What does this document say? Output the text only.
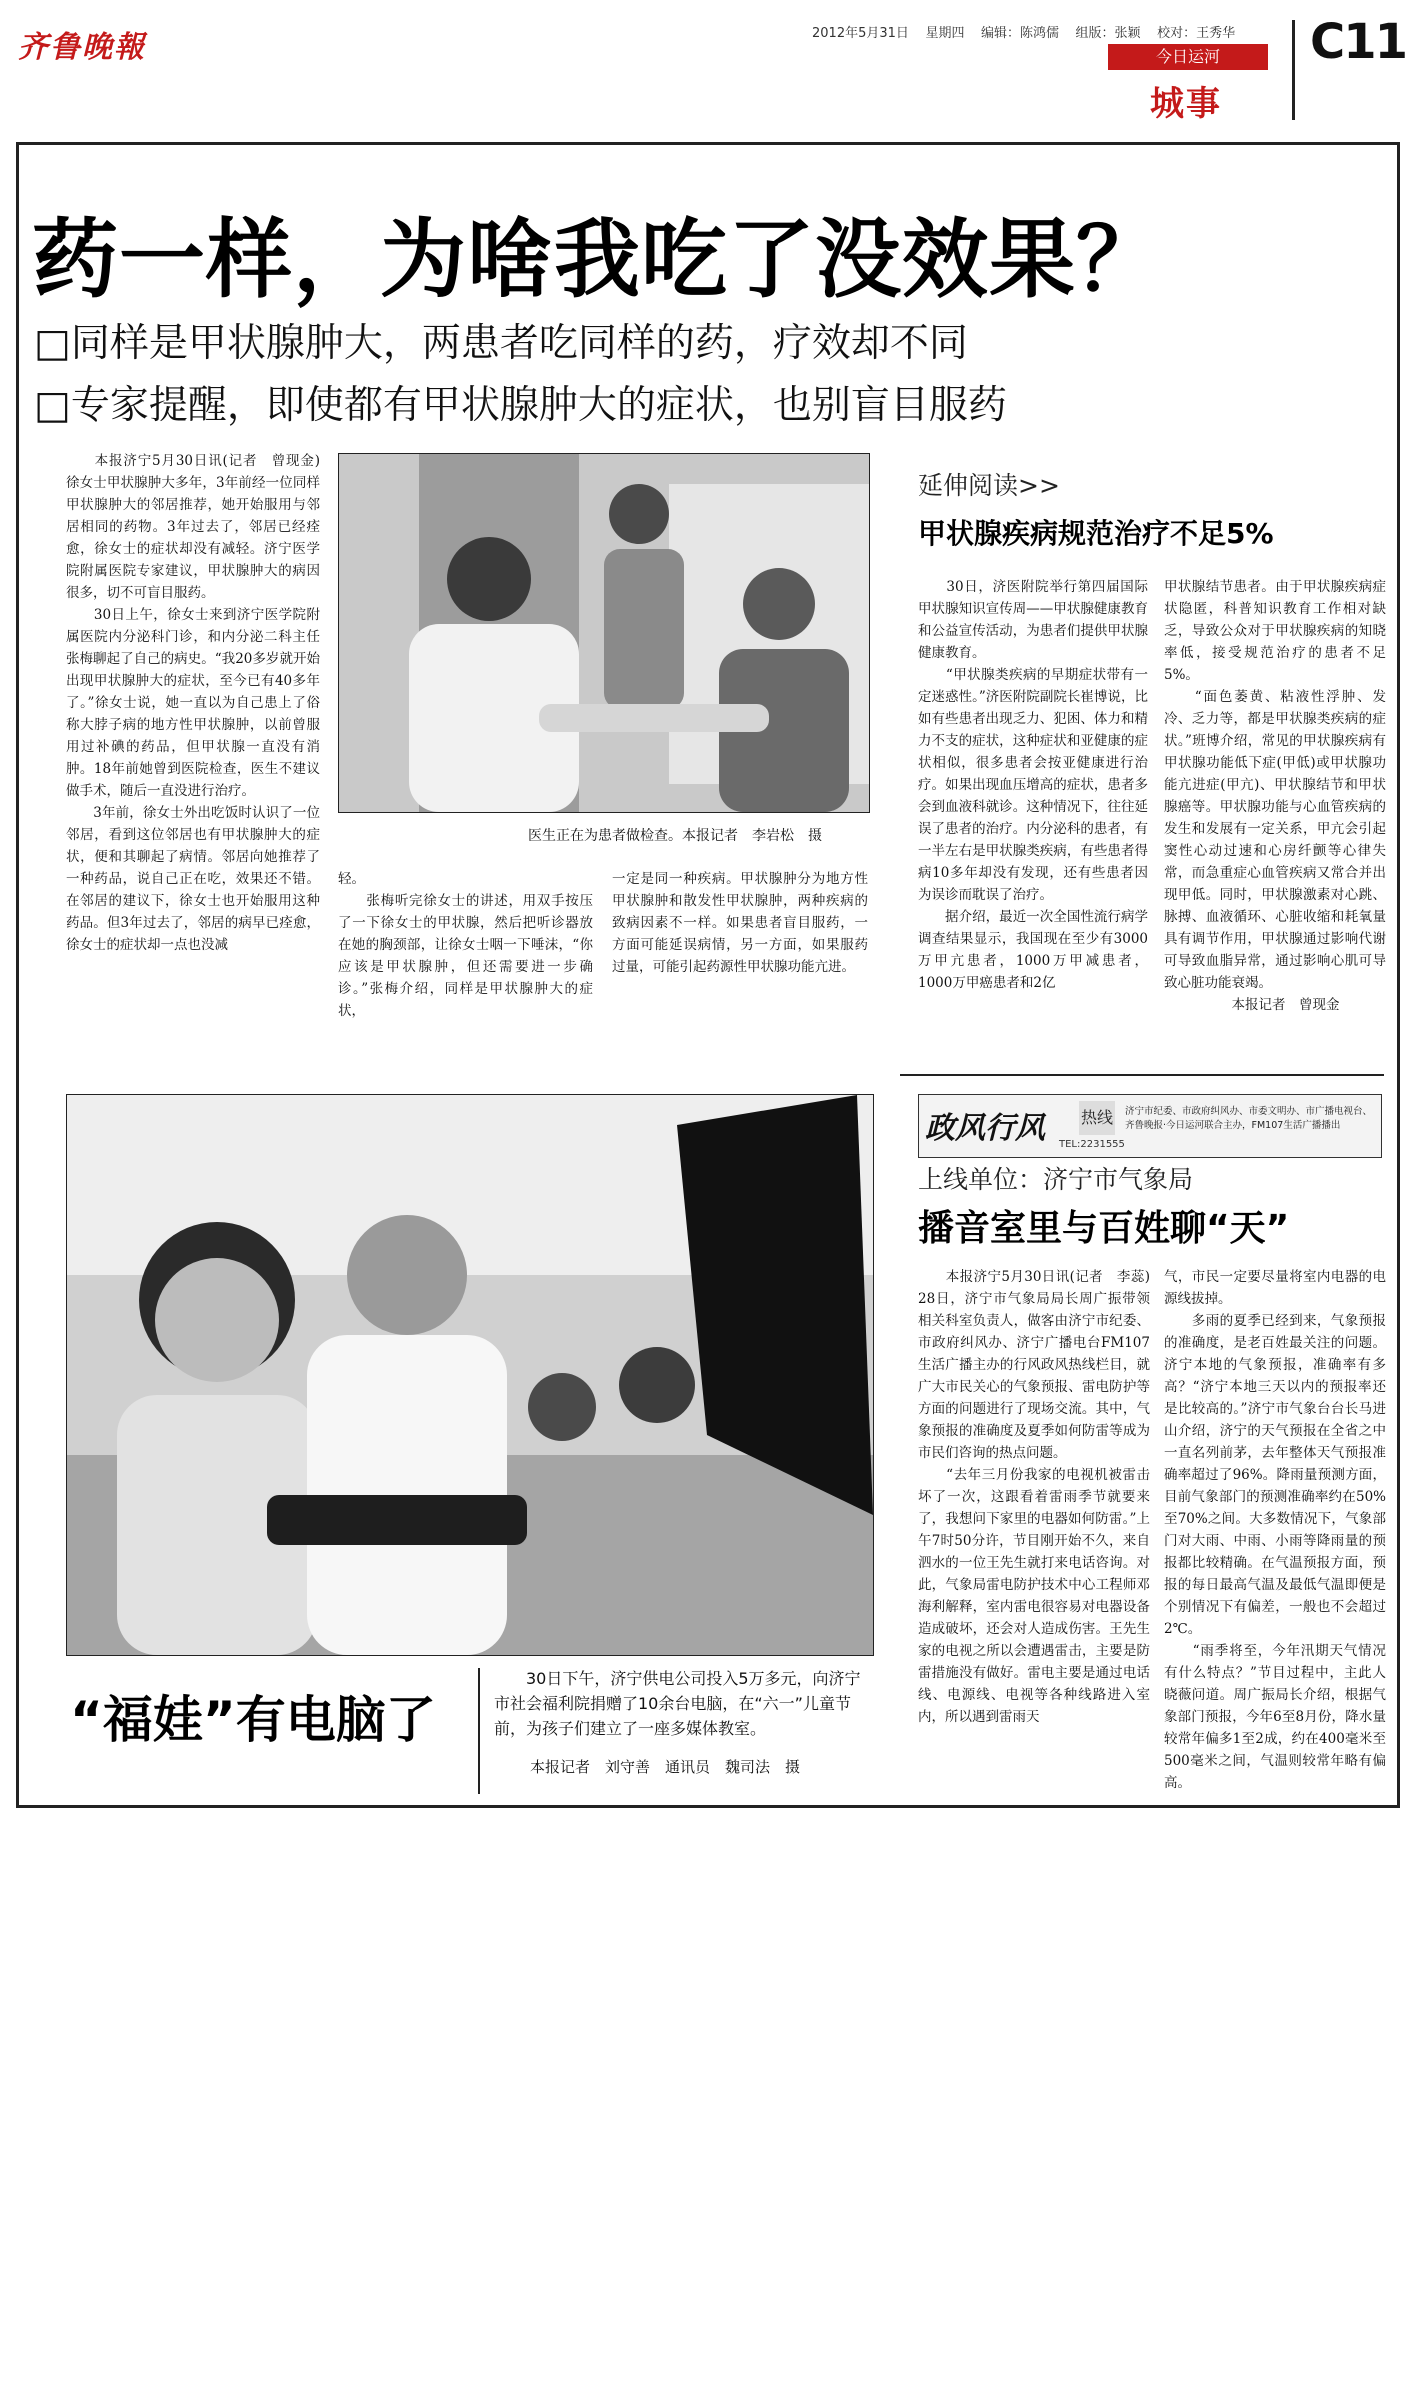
齐鲁晚報	2012年5月31日 星期四 编辑：陈鸿儒 组版：张颖 校对：王秀华
今日运河
城事
C11
药一样，为啥我吃了没效果？
□同样是甲状腺肿大，两患者吃同样的药，疗效却不同
□专家提醒，即使都有甲状腺肿大的症状，也别盲目服药
　　本报济宁5月30日讯(记者　曾现金)　徐女士甲状腺肿大多年，3年前经一位同样甲状腺肿大的邻居推荐，她开始服用与邻居相同的药物。3年过去了，邻居已经痊愈，徐女士的症状却没有减轻。济宁医学院附属医院专家建议，甲状腺肿大的病因很多，切不可盲目服药。
　　30日上午，徐女士来到济宁医学院附属医院内分泌科门诊，和内分泌二科主任张梅聊起了自己的病史。“我20多岁就开始出现甲状腺肿大的症状，至今已有40多年了。”徐女士说，她一直以为自己患上了俗称大脖子病的地方性甲状腺肿，以前曾服用过补碘的药品，但甲状腺一直没有消肿。18年前她曾到医院检查，医生不建议做手术，随后一直没进行治疗。
　　3年前，徐女士外出吃饭时认识了一位邻居，看到这位邻居也有甲状腺肿大的症状，便和其聊起了病情。邻居向她推荐了一种药品，说自己正在吃，效果还不错。在邻居的建议下，徐女士也开始服用这种药品。但3年过去了，邻居的病早已痊愈，徐女士的症状却一点也没减
医生正在为患者做检查。本报记者　李岩松　摄
轻。
　　张梅听完徐女士的讲述，用双手按压了一下徐女士的甲状腺，然后把听诊器放在她的胸颈部，让徐女士咽一下唾沫，“你应该是甲状腺肿，但还需要进一步确诊。”张梅介绍，同样是甲状腺肿大的症状，
一定是同一种疾病。甲状腺肿分为地方性甲状腺肿和散发性甲状腺肿，两种疾病的致病因素不一样。如果患者盲目服药，一方面可能延误病情，另一方面，如果服药过量，可能引起药源性甲状腺功能亢进。
延伸阅读>>
甲状腺疾病规范治疗不足5%
　　30日，济医附院举行第四届国际甲状腺知识宣传周——甲状腺健康教育和公益宣传活动，为患者们提供甲状腺健康教育。
　　“甲状腺类疾病的早期症状带有一定迷惑性。”济医附院副院长崔博说，比如有些患者出现乏力、犯困、体力和精力不支的症状，这种症状和亚健康的症状相似，很多患者会按亚健康进行治疗。如果出现血压增高的症状，患者多会到血液科就诊。这种情况下，往往延误了患者的治疗。内分泌科的患者，有一半左右是甲状腺类疾病，有些患者得病10多年却没有发现，还有些患者因为误诊而耽误了治疗。
　　据介绍，最近一次全国性流行病学调查结果显示，我国现在至少有3000万甲亢患者，1000万甲减患者，1000万甲癌患者和2亿
甲状腺结节患者。由于甲状腺疾病症状隐匿，科普知识教育工作相对缺乏，导致公众对于甲状腺疾病的知晓率低，接受规范治疗的患者不足5%。
　　“面色萎黄、粘液性浮肿、发冷、乏力等，都是甲状腺类疾病的症状。”班博介绍，常见的甲状腺疾病有甲状腺功能低下症(甲低)或甲状腺功能亢进症(甲亢)、甲状腺结节和甲状腺癌等。甲状腺功能与心血管疾病的发生和发展有一定关系，甲亢会引起窦性心动过速和心房纤颤等心律失常，而急重症心血管疾病又常合并出现甲低。同时，甲状腺激素对心跳、脉搏、血液循环、心脏收缩和耗氧量具有调节作用，甲状腺通过影响代谢可导致血脂异常，通过影响心肌可导致心脏功能衰竭。
　　　　　本报记者　曾现金
“福娃”有电脑了
　　30日下午，济宁供电公司投入5万多元，向济宁市社会福利院捐赠了10余台电脑，在“六一”儿童节前，为孩子们建立了一座多媒体教室。
本报记者　刘守善　通讯员　魏司法　摄
政风行风 热线
TEL:2231555
济宁市纪委、市政府纠风办、市委文明办、市广播电视台、齐鲁晚报·今日运河联合主办，FM107生活广播播出
上线单位：济宁市气象局
播音室里与百姓聊“天”
　　本报济宁5月30日讯(记者　李蕊)　28日，济宁市气象局局长周广振带领相关科室负责人，做客由济宁市纪委、市政府纠风办、济宁广播电台FM107生活广播主办的行风政风热线栏目，就广大市民关心的气象预报、雷电防护等方面的问题进行了现场交流。其中，气象预报的准确度及夏季如何防雷等成为市民们咨询的热点问题。
　　“去年三月份我家的电视机被雷击坏了一次，这跟看着雷雨季节就要来了，我想问下家里的电器如何防雷。”上午7时50分许，节目刚开始不久，来自泗水的一位王先生就打来电话咨询。对此，气象局雷电防护技术中心工程师邓海利解释，室内雷电很容易对电器设备造成破坏，还会对人造成伤害。王先生家的电视之所以会遭遇雷击，主要是防雷措施没有做好。雷电主要是通过电话线、电源线、电视等各种线路进入室内，所以遇到雷雨天
气，市民一定要尽量将室内电器的电源线拔掉。
　　多雨的夏季已经到来，气象预报的准确度，是老百姓最关注的问题。济宁本地的气象预报，准确率有多高？“济宁本地三天以内的预报率还是比较高的。”济宁市气象台台长马进山介绍，济宁的天气预报在全省之中一直名列前茅，去年整体天气预报准确率超过了96%。降雨量预测方面，目前气象部门的预测准确率约在50%至70%之间。大多数情况下，气象部门对大雨、中雨、小雨等降雨量的预报都比较精确。在气温预报方面，预报的每日最高气温及最低气温即便是个别情况下有偏差，一般也不会超过2℃。
　　“雨季将至，今年汛期天气情况有什么特点？”节目过程中，主此人晓薇问道。周广振局长介绍，根据气象部门预报，今年6至8月份，降水量较常年偏多1至2成，约在400毫米至500毫米之间，气温则较常年略有偏高。
